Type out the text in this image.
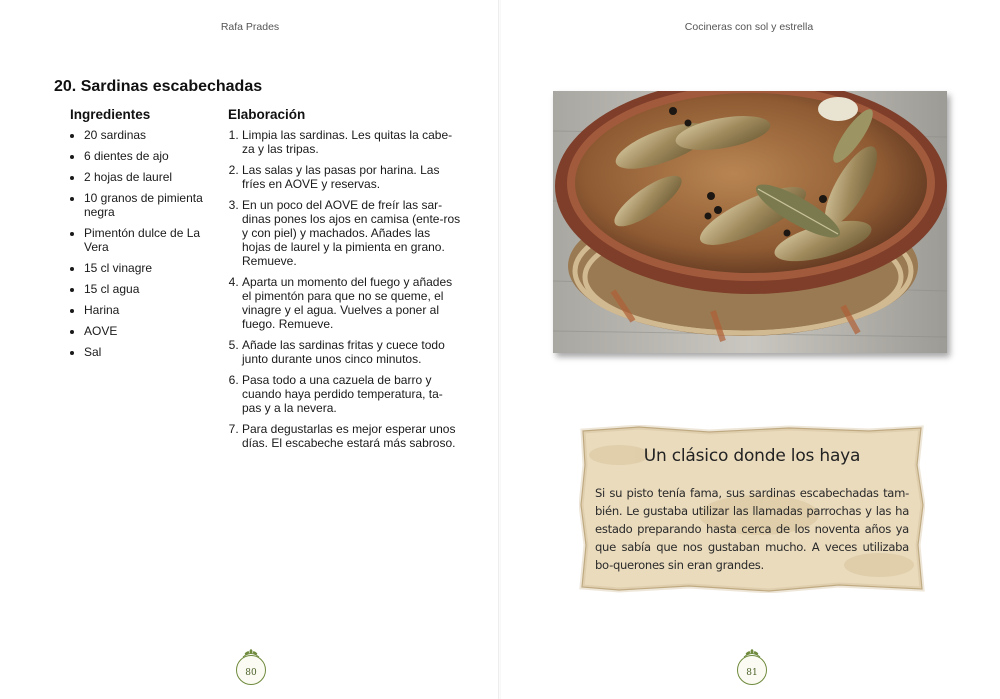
Rafa Prades
20. Sardinas escabechadas
Ingredientes
• 20 sardinas
• 6 dientes de ajo
• 2 hojas de laurel
• 10 granos de pimienta negra
• Pimentón dulce de La Vera
• 15 cl vinagre
• 15 cl agua
• Harina
• AOVE
• Sal
Elaboración
1. Limpia las sardinas. Les quitas la cabe-za y las tripas.
2. Las salas y las pasas por harina. Las fríes en AOVE y reservas.
3. En un poco del AOVE de freír las sar-dinas pones los ajos en camisa (ente-ros y con piel) y machados. Añades las hojas de laurel y la pimienta en grano. Remueve.
4. Aparta un momento del fuego y añades el pimentón para que no se queme, el vinagre y el agua. Vuelves a poner al fuego. Remueve.
5. Añade las sardinas fritas y cuece todo junto durante unos cinco minutos.
6. Pasa todo a una cazuela de barro y cuando haya perdido temperatura, ta-pas y a la nevera.
7. Para degustarlas es mejor esperar unos días. El escabeche estará más sabroso.
80
Cocineras con sol y estrella
Un clásico donde los haya

Si su pisto tenía fama, sus sardinas escabechadas tam-bién. Le gustaba utilizar las llamadas parrochas y las ha estado preparando hasta cerca de los noventa años ya que sabía que nos gustaban mucho. A veces utilizaba bo-querones sin eran grandes.

81
